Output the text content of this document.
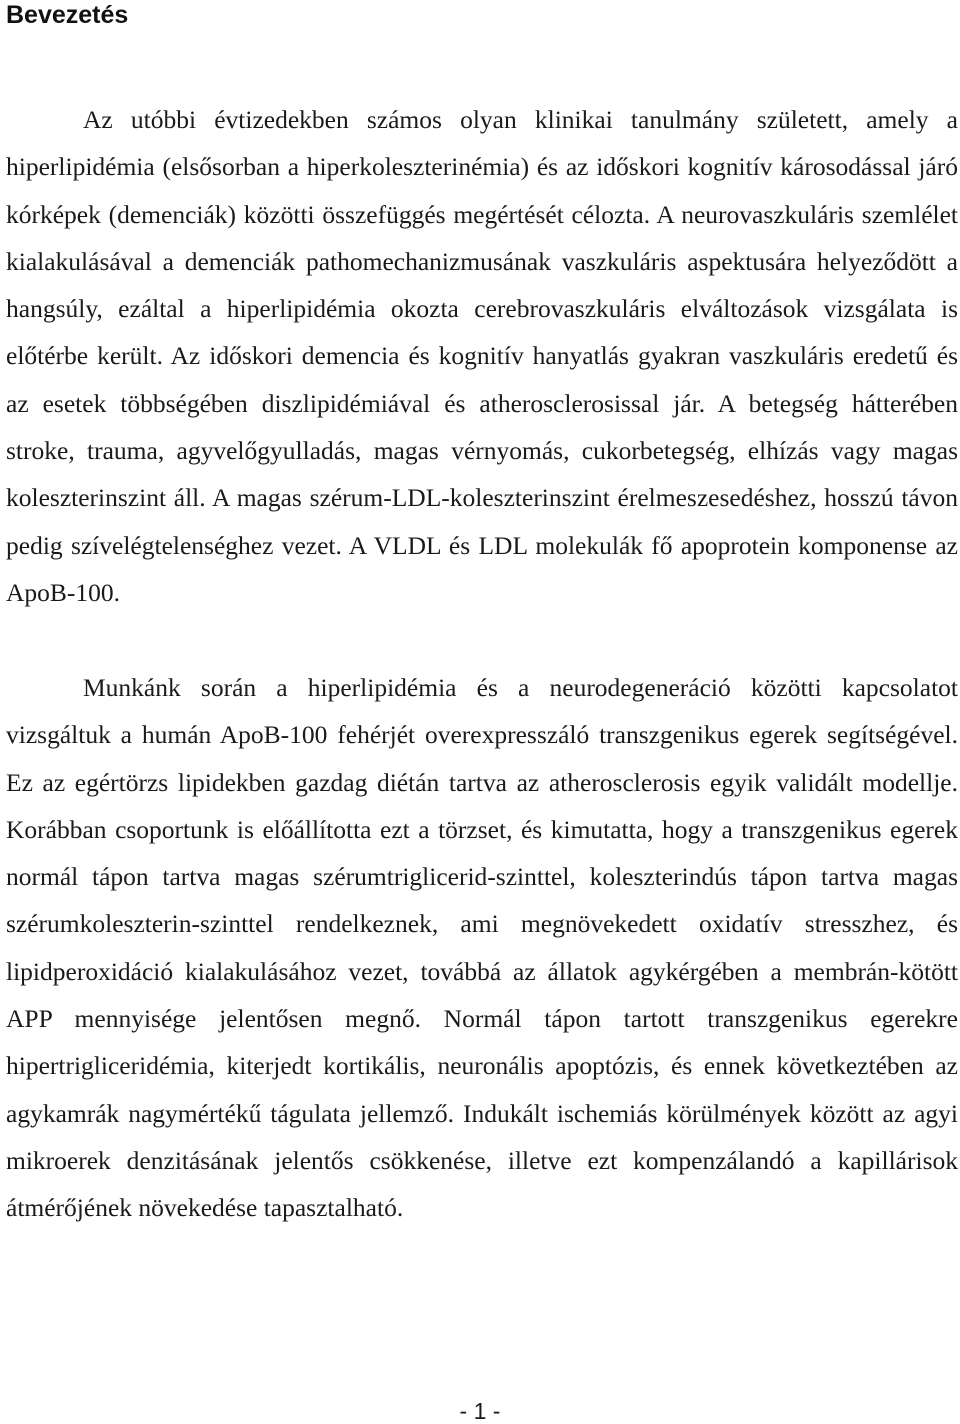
Bevezetés

Az utóbbi évtizedekben számos olyan klinikai tanulmány született, amely a hiperlipidémia (elsősorban a hiperkoleszterinémia) és az időskori kognitív károsodással járó kórképek (demenciák) közötti összefüggés megértését célozta. A neurovaszkuláris szemlélet kialakulásával a demenciák pathomechanizmusának vaszkuláris aspektusára helyeződött a hangsúly, ezáltal a hiperlipidémia okozta cerebrovaszkuláris elváltozások vizsgálata is előtérbe került. Az időskori demencia és kognitív hanyatlás gyakran vaszkuláris eredetű és az esetek többségében diszlipidémiával és atherosclerosissal jár. A betegség hátterében stroke, trauma, agyvelőgyulladás, magas vérnyomás, cukorbetegség, elhízás vagy magas koleszterinszint áll. A magas szérum-LDL-koleszterinszint érelmeszesedéshez, hosszú távon pedig szívelégtelenséghez vezet. A VLDL és LDL molekulák fő apoprotein komponense az ApoB-100.

Munkánk során a hiperlipidémia és a neurodegeneráció közötti kapcsolatot vizsgáltuk a humán ApoB-100 fehérjét overexpresszáló transzgenikus egerek segítségével. Ez az egértörzs lipidekben gazdag diétán tartva az atherosclerosis egyik validált modellje. Korábban csoportunk is előállította ezt a törzset, és kimutatta, hogy a transzgenikus egerek normál tápon tartva magas szérumtriglicerid-szinttel, koleszterindús tápon tartva magas szérumkoleszterin-szinttel rendelkeznek, ami megnövekedett oxidatív stresszhez, és lipidperoxidáció kialakulásához vezet, továbbá az állatok agykérgében a membrán-kötött APP mennyisége jelentősen megnő. Normál tápon tartott transzgenikus egerekre hipertrigliceridémia, kiterjedt kortikális, neuronális apoptózis, és ennek következtében az agykamrák nagymértékű tágulata jellemző. Indukált ischemiás körülmények között az agyi mikroerek denzitásának jelentős csökkenése, illetve ezt kompenzálandó a kapillárisok átmérőjének növekedése tapasztalható.

- 1 -
